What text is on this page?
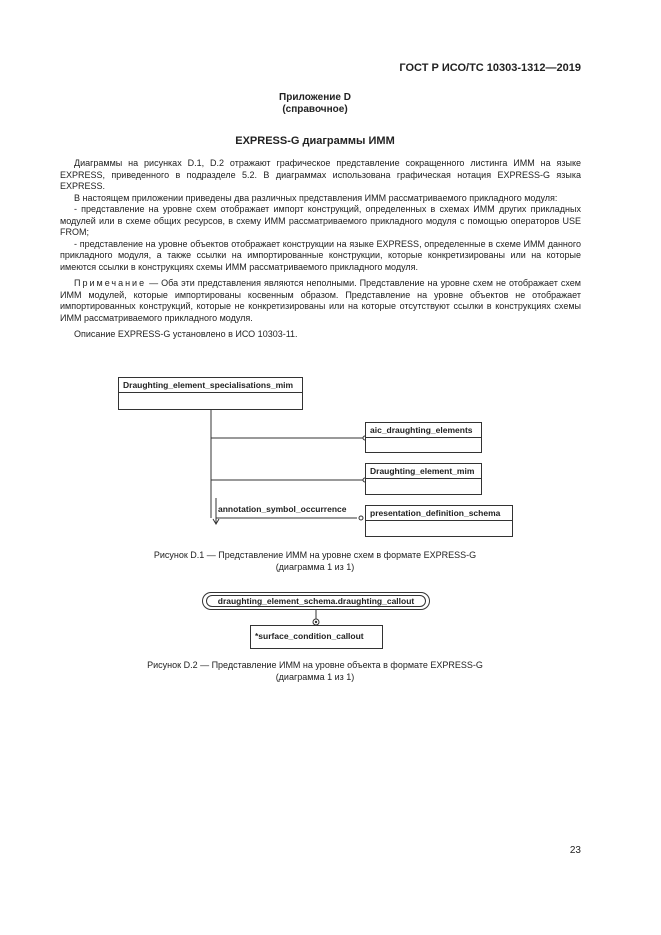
ГОСТ Р ИСО/ТС 10303-1312—2019
Приложение D
(справочное)
EXPRESS-G диаграммы ИММ

Диаграммы на рисунках D.1, D.2 отражают графическое представление сокращенного листинга ИММ на языке EXPRESS, приведенного в подразделе 5.2. В диаграммах использована графическая нотация EXPRESS-G языка EXPRESS.

В настоящем приложении приведены два различных представления ИММ рассматриваемого прикладного модуля:

- представление на уровне схем отображает импорт конструкций, определенных в схемах ИММ других прикладных модулей или в схеме общих ресурсов, в схему ИММ рассматриваемого прикладного модуля с помощью операторов USE FROM;

- представление на уровне объектов отображает конструкции на языке EXPRESS, определенные в схеме ИММ данного прикладного модуля, а также ссылки на импортированные конструкции, которые конкретизированы или на которые имеются ссылки в конструкциях схемы ИММ рассматриваемого прикладного модуля.

Примечание — Оба эти представления являются неполными. Представление на уровне схем не отображает схем ИММ модулей, которые импортированы косвенным образом. Представление на уровне объектов не отображает импортированных конструкций, которые не конкретизированы или на которые отсутствуют ссылки в конструкциях схемы ИММ рассматриваемого прикладного модуля.

Описание EXPRESS-G установлено в ИСО 10303-11.

Draughting_element_specialisations_mim
aic_draughting_elements
Draughting_element_mim
presentation_definition_schema
annotation_symbol_occurrence
Рисунок D.1 — Представление ИММ на уровне схем в формате EXPRESS-G
(диаграмма 1 из 1)
draughting_element_schema.draughting_callout
*surface_condition_callout
Рисунок D.2 — Представление ИММ на уровне объекта в формате EXPRESS-G
(диаграмма 1 из 1)
23
